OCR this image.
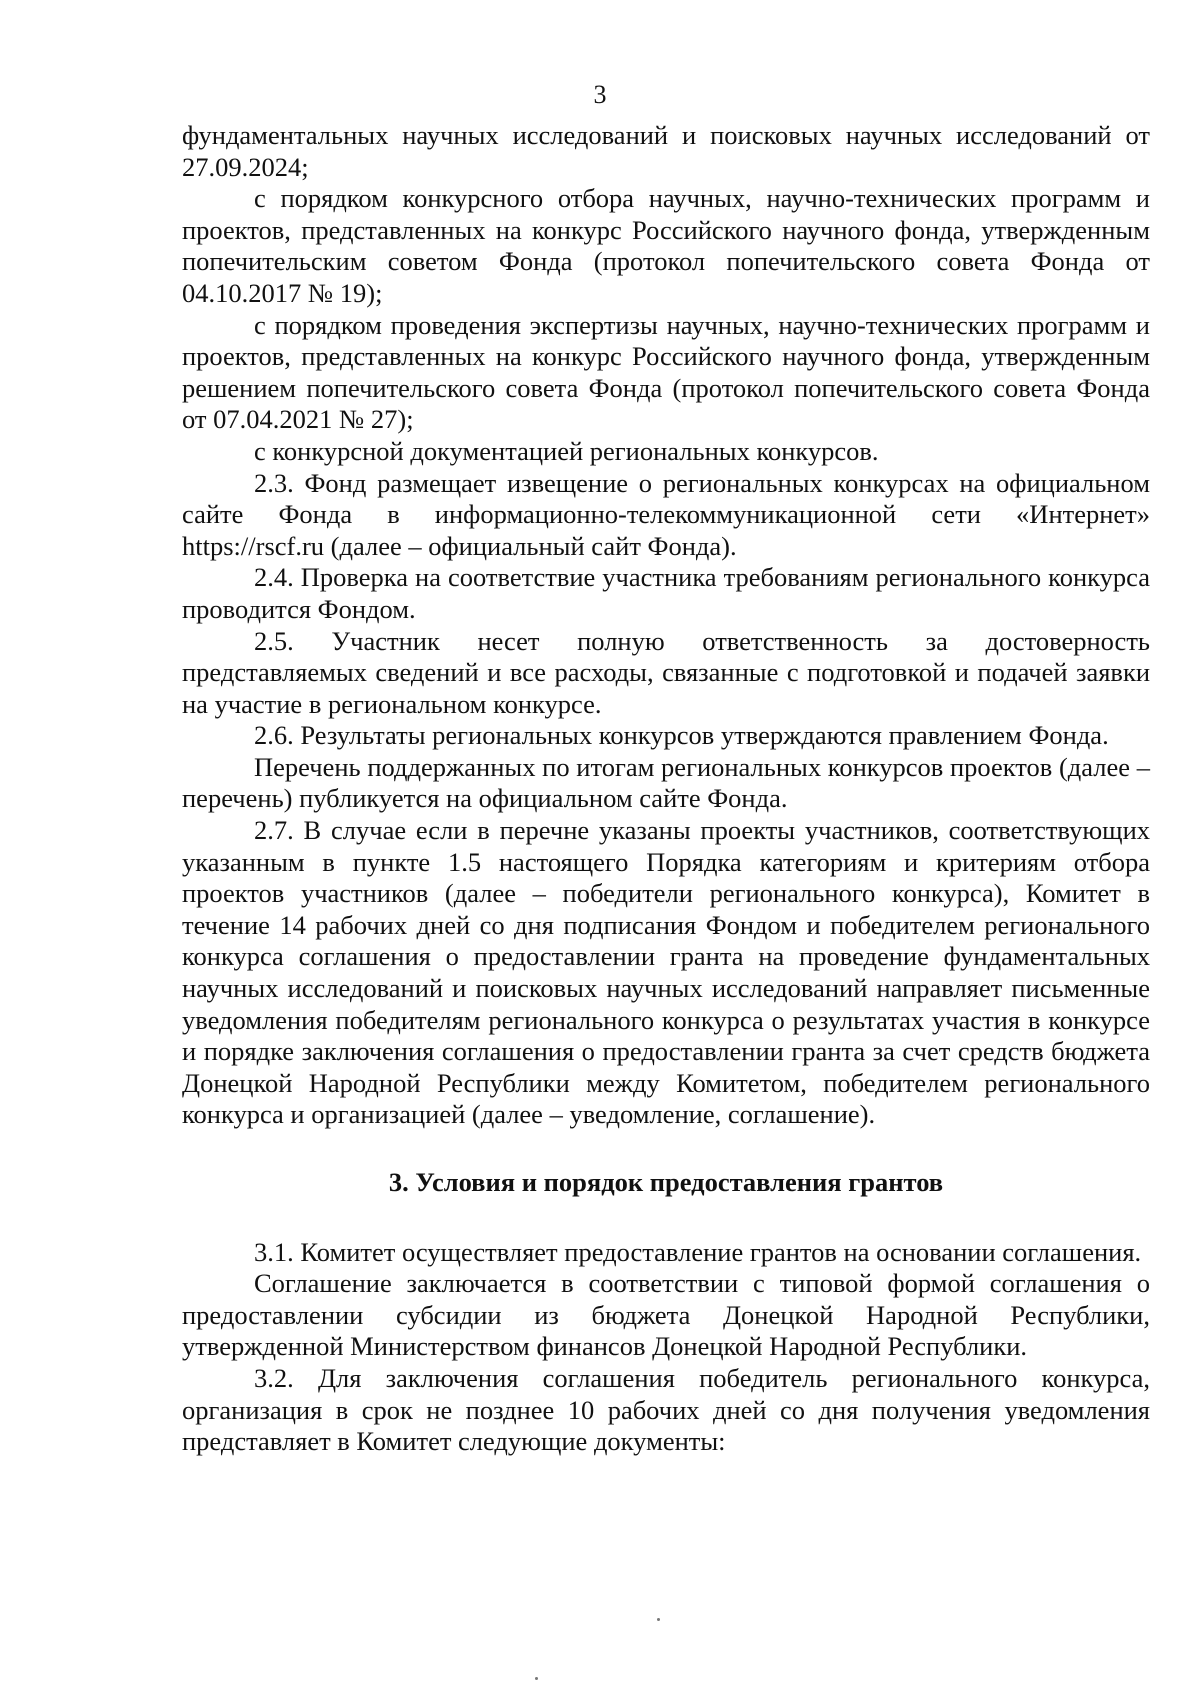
3

фундаментальных научных исследований и поисковых научных исследований от 27.09.2024;

с порядком конкурсного отбора научных, научно-технических программ и проектов, представленных на конкурс Российского научного фонда, утвержденным попечительским советом Фонда (протокол попечительского совета Фонда от 04.10.2017 № 19);

с порядком проведения экспертизы научных, научно-технических программ и проектов, представленных на конкурс Российского научного фонда, утвержденным решением попечительского совета Фонда (протокол попечительского совета Фонда от 07.04.2021 № 27);

с конкурсной документацией региональных конкурсов.

2.3. Фонд размещает извещение о региональных конкурсах на официальном сайте Фонда в информационно-телекоммуникационной сети «Интернет» https://rscf.ru (далее – официальный сайт Фонда).

2.4. Проверка на соответствие участника требованиям регионального конкурса проводится Фондом.

2.5. Участник несет полную ответственность за достоверность представляемых сведений и все расходы, связанные с подготовкой и подачей заявки на участие в региональном конкурсе.

2.6. Результаты региональных конкурсов утверждаются правлением Фонда.

Перечень поддержанных по итогам региональных конкурсов проектов (далее – перечень) публикуется на официальном сайте Фонда.

2.7. В случае если в перечне указаны проекты участников, соответствующих указанным в пункте 1.5 настоящего Порядка категориям и критериям отбора проектов участников (далее – победители регионального конкурса), Комитет в течение 14 рабочих дней со дня подписания Фондом и победителем регионального конкурса соглашения о предоставлении гранта на проведение фундаментальных научных исследований и поисковых научных исследований направляет письменные уведомления победителям регионального конкурса о результатах участия в конкурсе и порядке заключения соглашения о предоставлении гранта за счет средств бюджета Донецкой Народной Республики между Комитетом, победителем регионального конкурса и организацией (далее – уведомление, соглашение).

3. Условия и порядок предоставления грантов

3.1. Комитет осуществляет предоставление грантов на основании соглашения.

Соглашение заключается в соответствии с типовой формой соглашения о предоставлении субсидии из бюджета Донецкой Народной Республики, утвержденной Министерством финансов Донецкой Народной Республики.

3.2. Для заключения соглашения победитель регионального конкурса, организация в срок не позднее 10 рабочих дней со дня получения уведомления представляет в Комитет следующие документы:
